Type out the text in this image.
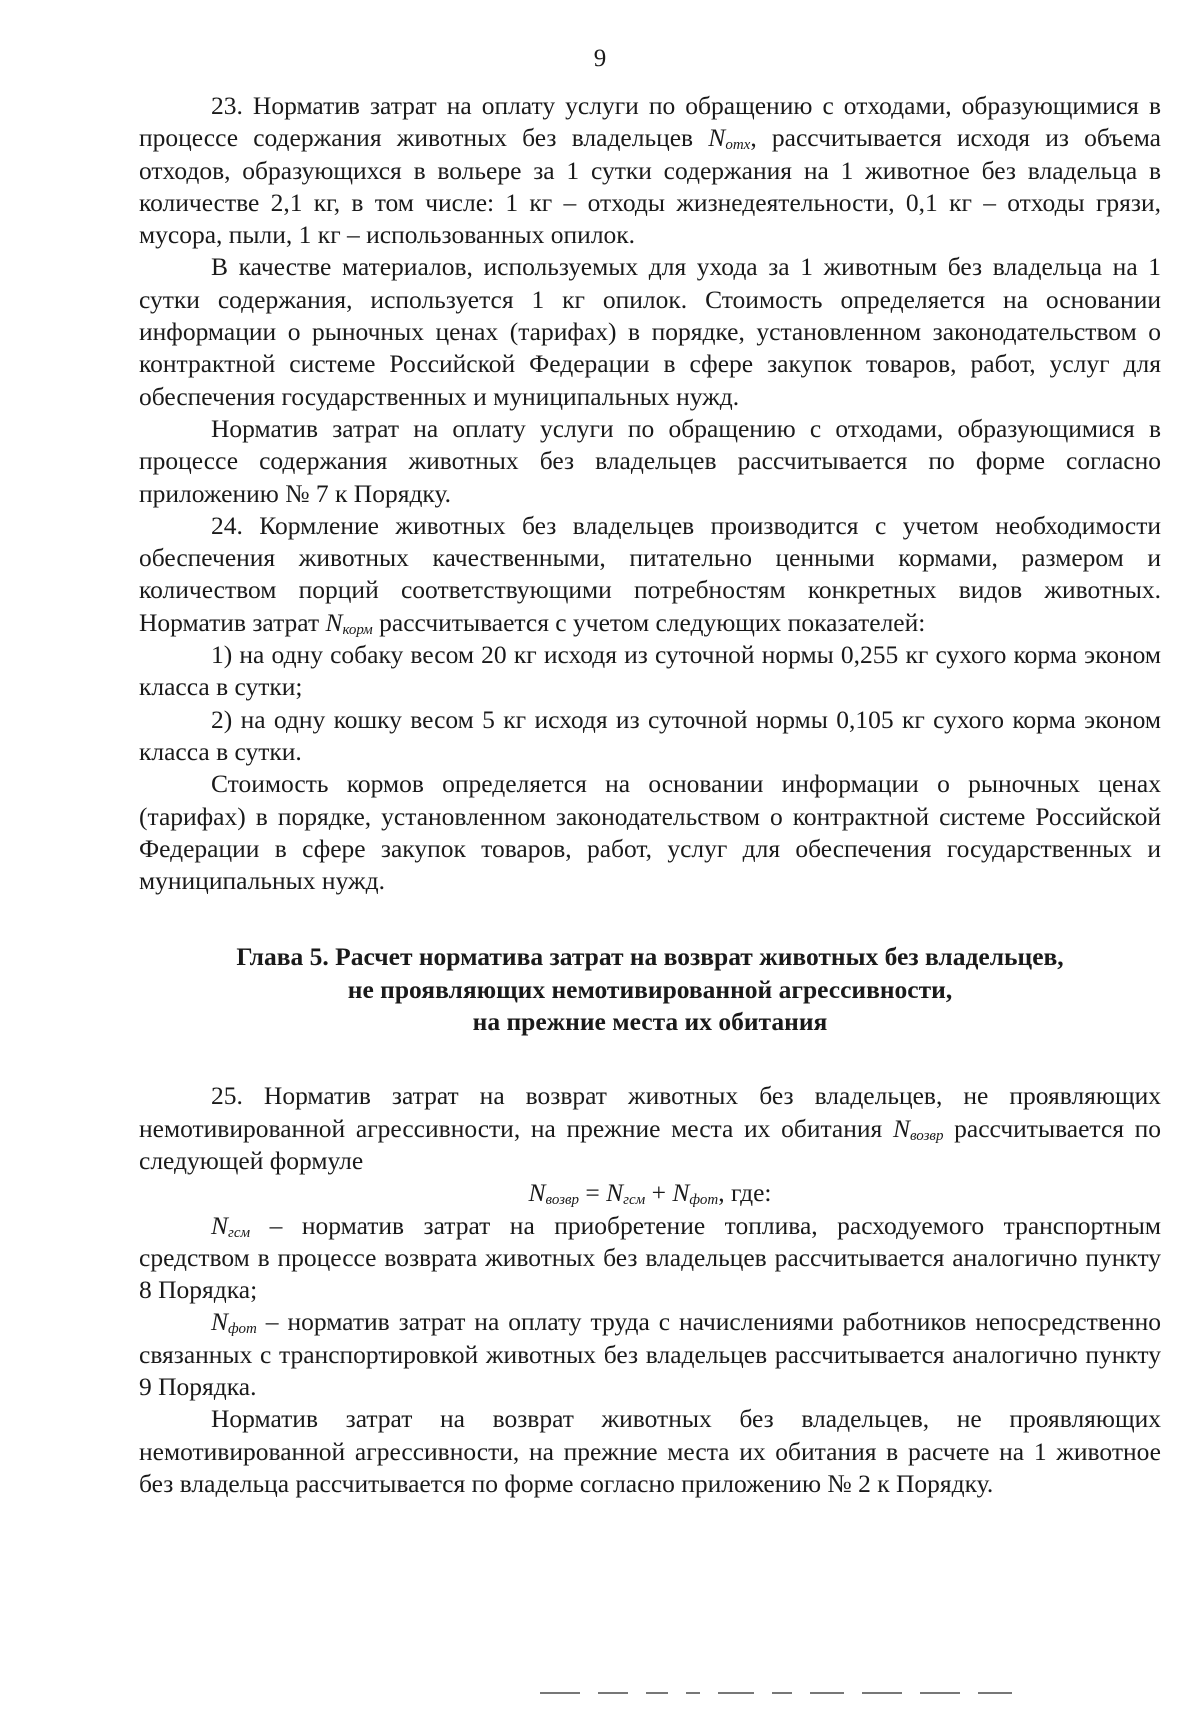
9

23. Норматив затрат на оплату услуги по обращению с отходами, образующимися в процессе содержания животных без владельцев $N_{отх}$, рассчитывается исходя из объема отходов, образующихся в вольере за 1 сутки содержания на 1 животное без владельца в количестве 2,1 кг, в том числе: 1 кг – отходы жизнедеятельности, 0,1 кг – отходы грязи, мусора, пыли, 1 кг – использованных опилок.

В качестве материалов, используемых для ухода за 1 животным без владельца на 1 сутки содержания, используется 1 кг опилок. Стоимость определяется на основании информации о рыночных ценах (тарифах) в порядке, установленном законодательством о контрактной системе Российской Федерации в сфере закупок товаров, работ, услуг для обеспечения государственных и муниципальных нужд.

Норматив затрат на оплату услуги по обращению с отходами, образующимися в процессе содержания животных без владельцев рассчитывается по форме согласно приложению № 7 к Порядку.

24. Кормление животных без владельцев производится с учетом необходимости обеспечения животных качественными, питательно ценными кормами, размером и количеством порций соответствующими потребностям конкретных видов животных. Норматив затрат $N_{корм}$ рассчитывается с учетом следующих показателей:

1) на одну собаку весом 20 кг исходя из суточной нормы 0,255 кг сухого корма эконом класса в сутки;

2) на одну кошку весом 5 кг исходя из суточной нормы 0,105 кг сухого корма эконом класса в сутки.

Стоимость кормов определяется на основании информации о рыночных ценах (тарифах) в порядке, установленном законодательством о контрактной системе Российской Федерации в сфере закупок товаров, работ, услуг для обеспечения государственных и муниципальных нужд.

Глава 5. Расчет норматива затрат на возврат животных без владельцев,
не проявляющих немотивированной агрессивности,
на прежние места их обитания

25. Норматив затрат на возврат животных без владельцев, не проявляющих немотивированной агрессивности, на прежние места их обитания $N_{возвр}$ рассчитывается по следующей формуле

$N_{возвр} = N_{гсм} + N_{фот}$, где:

$N_{гсм}$ – норматив затрат на приобретение топлива, расходуемого транспортным средством в процессе возврата животных без владельцев рассчитывается аналогично пункту 8 Порядка;

$N_{фот}$ – норматив затрат на оплату труда с начислениями работников непосредственно связанных с транспортировкой животных без владельцев рассчитывается аналогично пункту 9 Порядка.

Норматив затрат на возврат животных без владельцев, не проявляющих немотивированной агрессивности, на прежние места их обитания в расчете на 1 животное без владельца рассчитывается по форме согласно приложению № 2 к Порядку.
